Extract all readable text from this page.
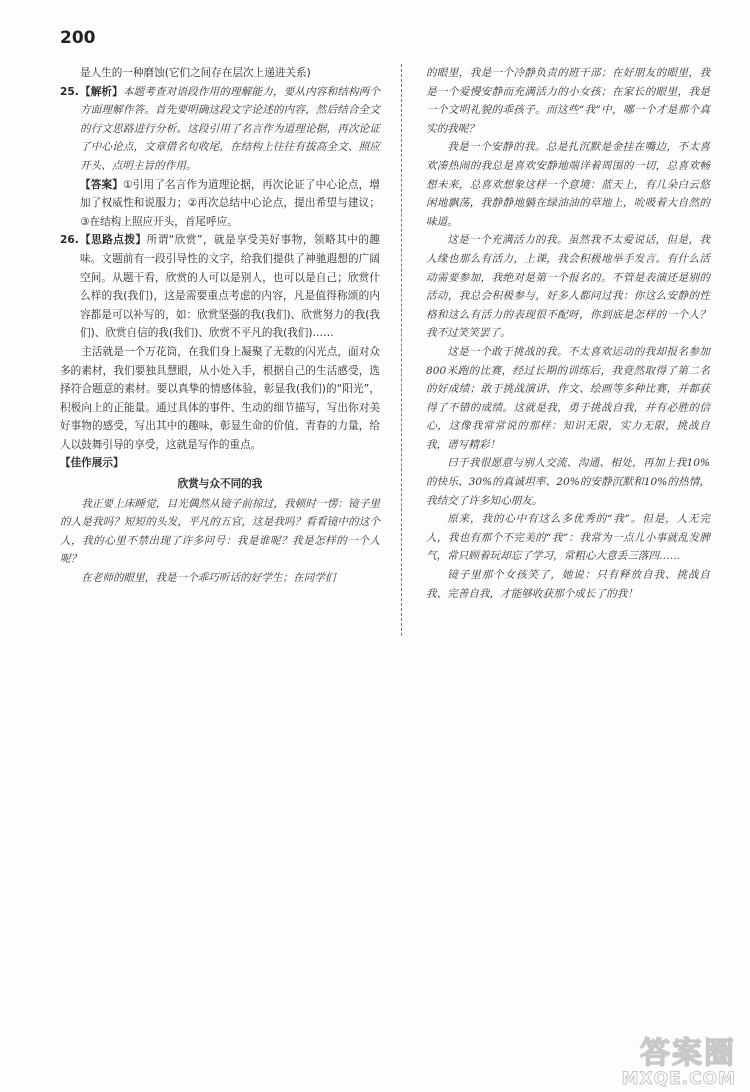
200

是人生的一种磨蚀(它们之间存在层次上递进关系)

25. 【解析】本题考查对语段作用的理解能力，要从内容和结构两个方面理解作答。首先要明确这段文字论述的内容，然后结合全文的行文思路进行分析。这段引用了名言作为道理论据，再次论证了中心论点，文章借名句收尾，在结构上往往有拔高全文、照应开头、点明主旨的作用。

【答案】①引用了名言作为道理论据，再次论证了中心论点，增加了权威性和说服力；②再次总结中心论点，提出希望与建议；③在结构上照应开头，首尾呼应。

26. 【思路点拨】所谓“欣赏”，就是享受美好事物，领略其中的趣味。文题前有一段引导性的文字，给我们提供了神驰遐想的广阔空间。从题干看，欣赏的人可以是别人，也可以是自己；欣赏什么样的我(我们)，这是需要重点考虑的内容，凡是值得称颂的内容都是可以补写的，如：欣赏坚强的我(我们)、欣赏努力的我(我们)、欣赏自信的我(我们)、欣赏不平凡的我(我们)……

主活就是一个万花筒，在我们身上凝聚了无数的闪光点，面对众多的素材，我们要独具慧眼，从小处入手，根据自己的生活感受，选择符合题意的素材。要以真挚的情感体验，彰显我(我们)的“阳光”，积极向上的正能量。通过具体的事件、生动的细节描写，写出你对美好事物的感受，写出其中的趣味，彰显生命的价值、青春的力量，给人以鼓舞引导的享受，这就是写作的重点。

【佳作展示】

欣赏与众不同的我

我正要上床睡觉，目光偶然从镜子前掠过，我顿时一愣：镜子里的人是我吗？短短的头发，平凡的五官，这是我吗？看看镜中的这个人，我的心里不禁出现了许多问号：我是谁呢？我是怎样的一个人呢？

在老师的眼里，我是一个乖巧听话的好学生；在同学们

的眼里，我是一个冷静负责的班干部；在好朋友的眼里，我是一个爱慢安静而充满活力的小女孩；在家长的眼里，我是一个文明礼貌的乖孩子。而这些“我”中，哪一个才是那个真实的我呢？

我是一个安静的我。总是扎沉默是金挂在嘴边，不太喜欢凑热闹的我总是喜欢安静地端详着周围的一切，总喜欢畅想未来，总喜欢想象这样一个意境：蓝天上，有几朵白云悠闲地飘荡，我静静地躺在绿油油的草地上，吮吸着大自然的味道。

这是一个充满活力的我。虽然我不太爱说话，但是，我人缘也那么有活力，上课，我会积极地举手发言。有什么活动需要参加，我绝对是第一个报名的。不管是表演还是别的活动，我总会积极参与，好多人都问过我：你这么安静的性格和这么有活力的表现很不配呀，你到底是怎样的一个人？我不过笑笑罢了。

这是一个敢于挑战的我。不太喜欢运动的我却报名参加800米跑的比赛，经过长期的训练后，我竟然取得了第二名的好成绩；敢于挑战演讲、作文、绘画等多种比赛，并都获得了不错的成绩。这就是我，勇于挑战自我，并有必胜的信心，这像我常常说的那样：知识无限，实力无限，挑战自我，谱写精彩！

曰于我很愿意与别人交流、沟通、相处，再加上我10%的快乐、30%的真诚坦率、20%的安静沉默和10%的热情，我结交了许多知心朋友。

原来，我的心中有这么多优秀的“我”。但是，人无完人，我也有那个不完美的“我”：我常为一点儿小事就乱发脾气，常只顾着玩却忘了学习，常粗心大意丢三落四……

镜子里那个女孩笑了，她说：只有释放自我、挑战自我、完善自我，才能够收获那个成长了的我！

答案圈
MXQE.COM
